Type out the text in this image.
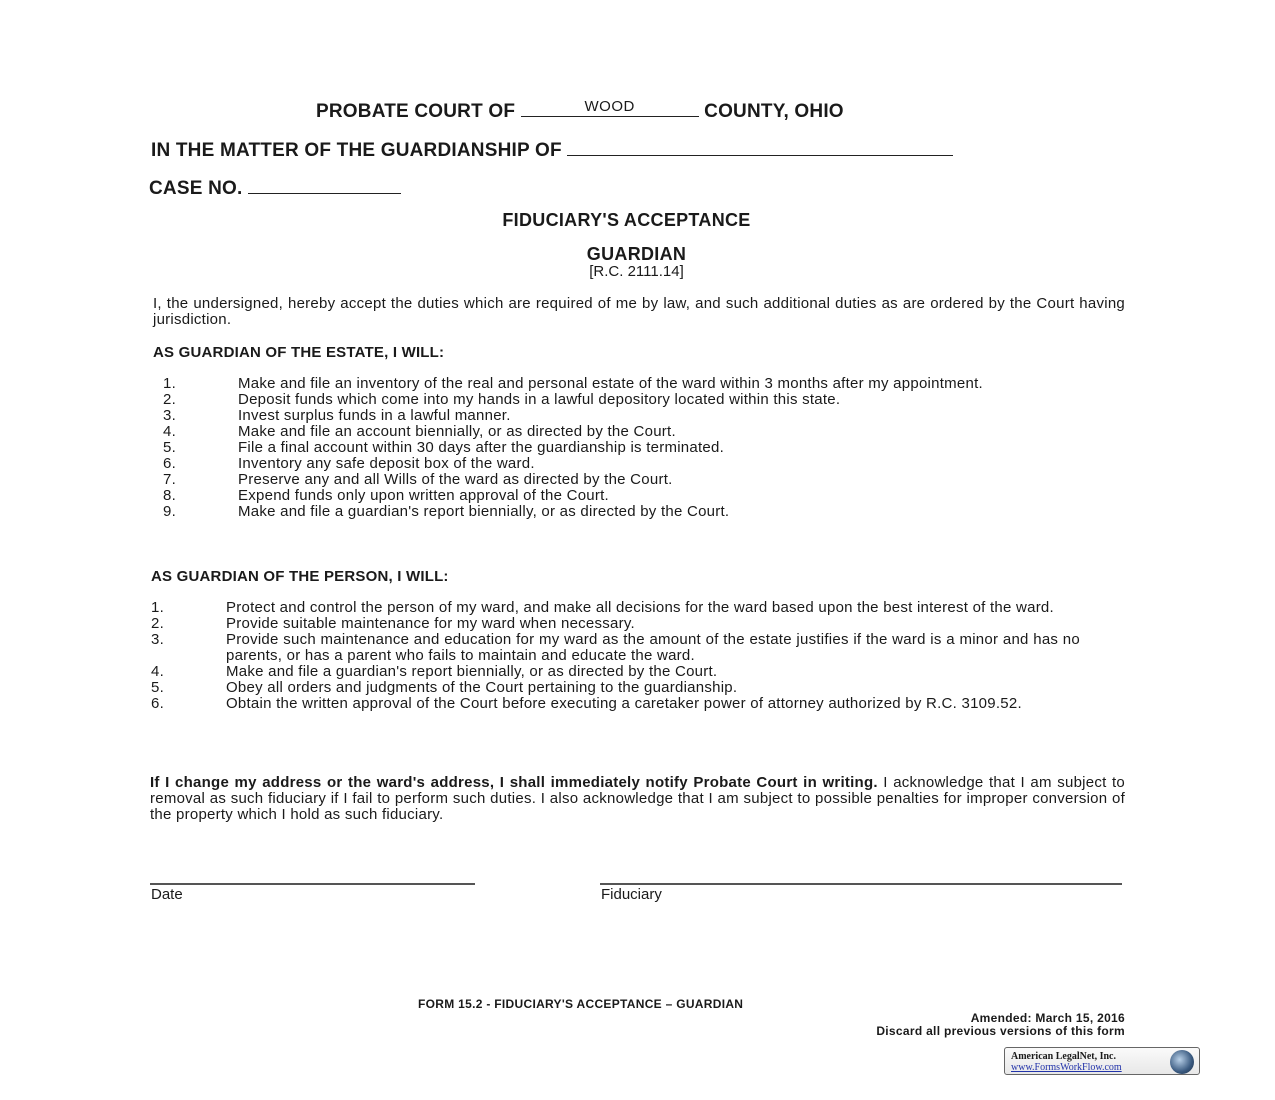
PROBATE COURT OF	WOOD	COUNTY, OHIO
IN THE MATTER OF THE GUARDIANSHIP OF
CASE NO.
FIDUCIARY'S ACCEPTANCE
GUARDIAN
[R.C. 2111.14]
I, the undersigned, hereby accept the duties which are required of me by law, and such additional duties as are ordered by the Court having jurisdiction.
AS GUARDIAN OF THE ESTATE, I WILL:
1.	Make and file an inventory of the real and personal estate of the ward within 3 months after my appointment.
2.	Deposit funds which come into my hands in a lawful depository located within this state.
3.	Invest surplus funds in a lawful manner.
4.	Make and file an account biennially, or as directed by the Court.
5.	File a final account within 30 days after the guardianship is terminated.
6.	Inventory any safe deposit box of the ward.
7.	Preserve any and all Wills of the ward as directed by the Court.
8.	Expend funds only upon written approval of the Court.
9.	Make and file a guardian's report biennially, or as directed by the Court.
AS GUARDIAN OF THE PERSON, I WILL:
1.	Protect and control the person of my ward, and make all decisions for the ward based upon the best interest of the ward.
2.	Provide suitable maintenance for my ward when necessary.
3.	Provide such maintenance and education for my ward as the amount of the estate justifies if the ward is a minor and has no parents, or has a parent who fails to maintain and educate the ward.
4.	Make and file a guardian's report biennially, or as directed by the Court.
5.	Obey all orders and judgments of the Court pertaining to the guardianship.
6.	Obtain the written approval of the Court before executing a caretaker power of attorney authorized by R.C. 3109.52.
If I change my address or the ward's address, I shall immediately notify Probate Court in writing. I acknowledge that I am subject to removal as such fiduciary if I fail to perform such duties. I also acknowledge that I am subject to possible penalties for improper conversion of the property which I hold as such fiduciary.
Date	Fiduciary
FORM 15.2 - FIDUCIARY'S ACCEPTANCE – GUARDIAN
Amended: March 15, 2016
Discard all previous versions of this form
American LegalNet, Inc.
www.FormsWorkFlow.com
